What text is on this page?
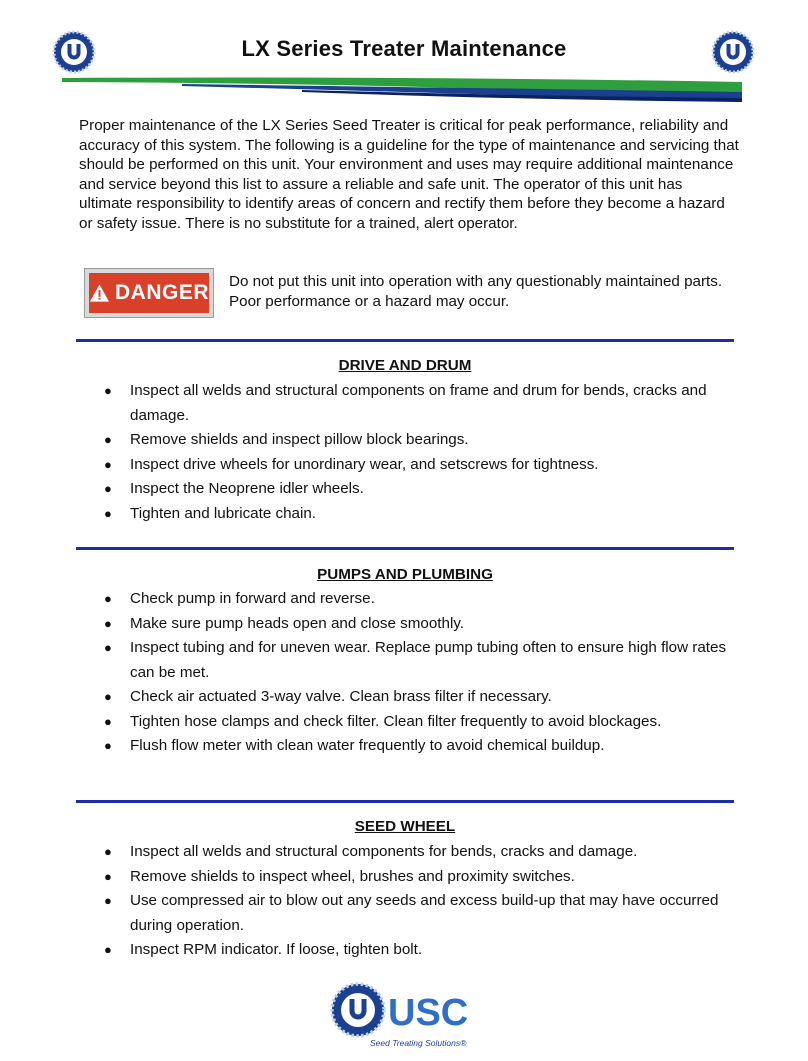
LX Series Treater Maintenance

Proper maintenance of the LX Series Seed Treater is critical for peak performance, reliability and accuracy of this system. The following is a guideline for the type of maintenance and servicing that should be performed on this unit. Your environment and uses may require additional maintenance and service beyond this list to assure a reliable and safe unit. The operator of this unit has ultimate responsibility to identify areas of concern and rectify them before they become a hazard or safety issue. There is no substitute for a trained, alert operator.

DANGER Do not put this unit into operation with any questionably maintained parts. Poor performance or a hazard may occur.

DRIVE AND DRUM
● Inspect all welds and structural components on frame and drum for bends, cracks and damage.
● Remove shields and inspect pillow block bearings.
● Inspect drive wheels for unordinary wear, and setscrews for tightness.
● Inspect the Neoprene idler wheels.
● Tighten and lubricate chain.
PUMPS AND PLUMBING
● Check pump in forward and reverse.
● Make sure pump heads open and close smoothly.
● Inspect tubing and for uneven wear. Replace pump tubing often to ensure high flow rates can be met.
● Check air actuated 3-way valve. Clean brass filter if necessary.
● Tighten hose clamps and check filter. Clean filter frequently to avoid blockages.
● Flush flow meter with clean water frequently to avoid chemical buildup.
SEED WHEEL
● Inspect all welds and structural components for bends, cracks and damage.
● Remove shields to inspect wheel, brushes and proximity switches.
● Use compressed air to blow out any seeds and excess build-up that may have occurred during operation.
● Inspect RPM indicator. If loose, tighten bolt.
USC
Seed Treating Solutions®
